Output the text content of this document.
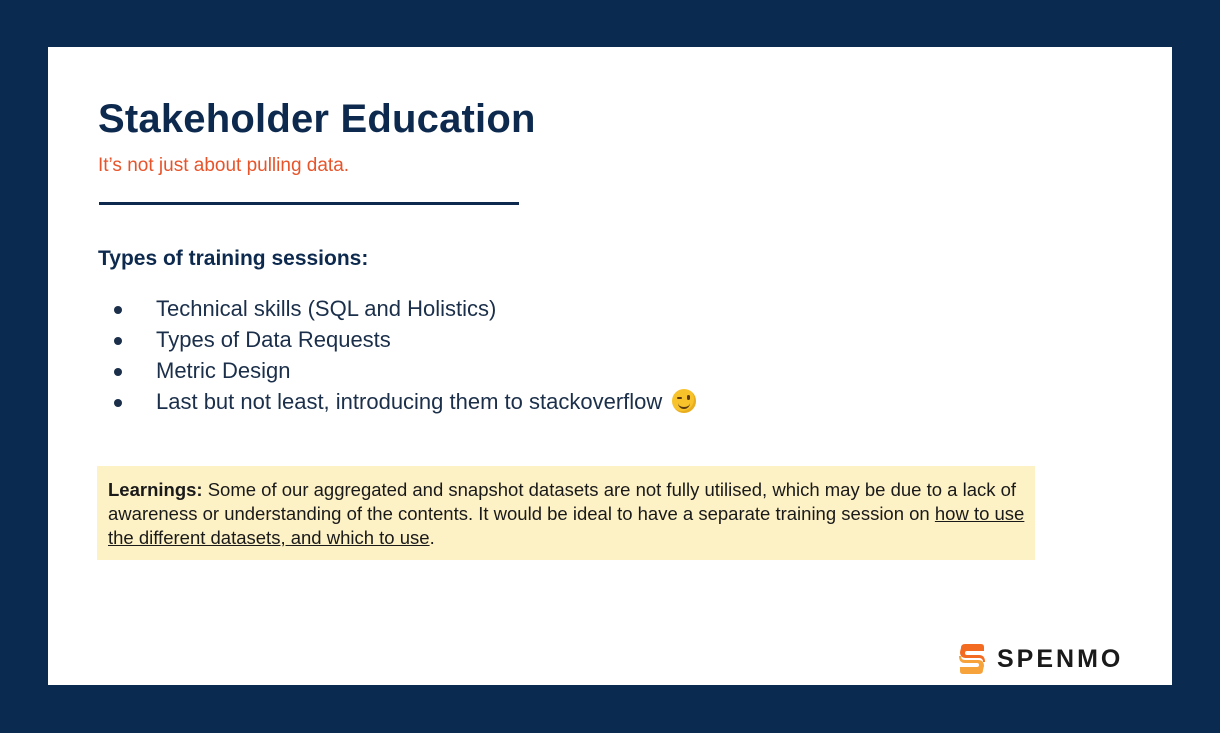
Stakeholder Education

It’s not just about pulling data.

Types of training sessions:
Technical skills (SQL and Holistics)
Types of Data Requests
Metric Design
Last but not least, introducing them to stackoverflow
Learnings: Some of our aggregated and snapshot datasets are not fully utilised, which may be due to a lack of awareness or understanding of the contents. It would be ideal to have a separate training session on how to use the different datasets, and which to use.
SPENMO
